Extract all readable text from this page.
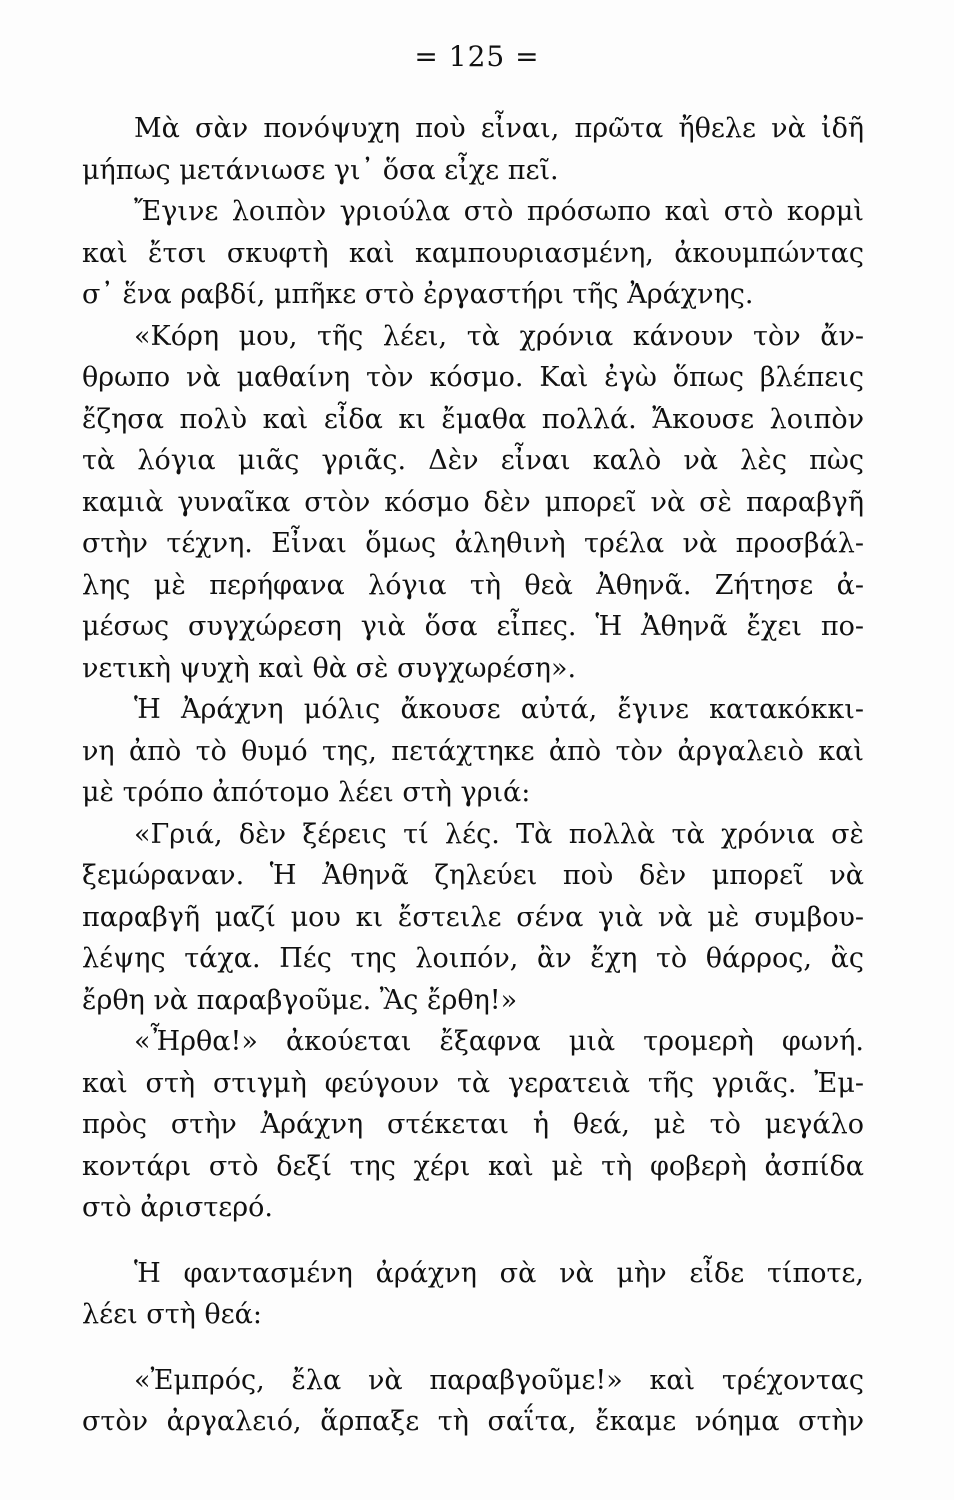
= 125 =
Μὰ σὰν πονόψυχη ποὺ εἶναι, πρῶτα ἤθελε νὰ ἰδῆ
μήπως μετάνιωσε γι᾿ ὅσα εἶχε πεῖ.
Ἔγινε λοιπὸν γριούλα στὸ πρόσωπο καὶ στὸ κορμὶ
καὶ ἔτσι σκυφτὴ καὶ καμπουριασμένη, ἀκουμπώντας
σ᾿ ἕνα ραβδί, μπῆκε στὸ ἐργαστήρι τῆς Ἀράχνης.
«Κόρη μου, τῆς λέει, τὰ χρόνια κάνουν τὸν ἄν-
θρωπο νὰ μαθαίνη τὸν κόσμο. Καὶ ἐγὼ ὅπως βλέπεις
ἔζησα πολὺ καὶ εἶδα κι ἔμαθα πολλά. Ἄκουσε λοιπὸν
τὰ λόγια μιᾶς γριᾶς. Δὲν εἶναι καλὸ νὰ λὲς πὼς
καμιὰ γυναῖκα στὸν κόσμο δὲν μπορεῖ νὰ σὲ παραβγῆ
στὴν τέχνη. Εἶναι ὅμως ἀληθινὴ τρέλα νὰ προσβάλ-
λης μὲ περήφανα λόγια τὴ θεὰ Ἀθηνᾶ. Ζήτησε ἀ-
μέσως συγχώρεση γιὰ ὅσα εἶπες. Ἡ Ἀθηνᾶ ἔχει πο-
νετικὴ ψυχὴ καὶ θὰ σὲ συγχωρέση».
Ἡ Ἀράχνη μόλις ἄκουσε αὐτά, ἔγινε κατακόκκι-
νη ἀπὸ τὸ θυμό της, πετάχτηκε ἀπὸ τὸν ἀργαλειὸ καὶ
μὲ τρόπο ἀπότομο λέει στὴ γριά:
«Γριά, δὲν ξέρεις τί λές. Τὰ πολλὰ τὰ χρόνια σὲ
ξεμώραναν. Ἡ Ἀθηνᾶ ζηλεύει ποὺ δὲν μπορεῖ νὰ
παραβγῆ μαζί μου κι ἔστειλε σένα γιὰ νὰ μὲ συμβου-
λέψης τάχα. Πές της λοιπόν, ἂν ἔχη τὸ θάρρος, ἂς
ἔρθη νὰ παραβγοῦμε. Ἂς ἔρθη!»
«Ἦρθα!» ἀκούεται ἔξαφνα μιὰ τρομερὴ φωνή.
καὶ στὴ στιγμὴ φεύγουν τὰ γερατειὰ τῆς γριᾶς. Ἐμ-
πρὸς στὴν Ἀράχνη στέκεται ἡ θεά, μὲ τὸ μεγάλο
κοντάρι στὸ δεξί της χέρι καὶ μὲ τὴ φοβερὴ ἀσπίδα
στὸ ἀριστερό.
Ἡ φαντασμένη ἀράχνη σὰ νὰ μὴν εἶδε τίποτε,
λέει στὴ θεά:
«Ἐμπρός, ἔλα νὰ παραβγοῦμε!» καὶ τρέχοντας
στὸν ἀργαλειό, ἅρπαξε τὴ σαΐτα, ἔκαμε νόημα στὴν
